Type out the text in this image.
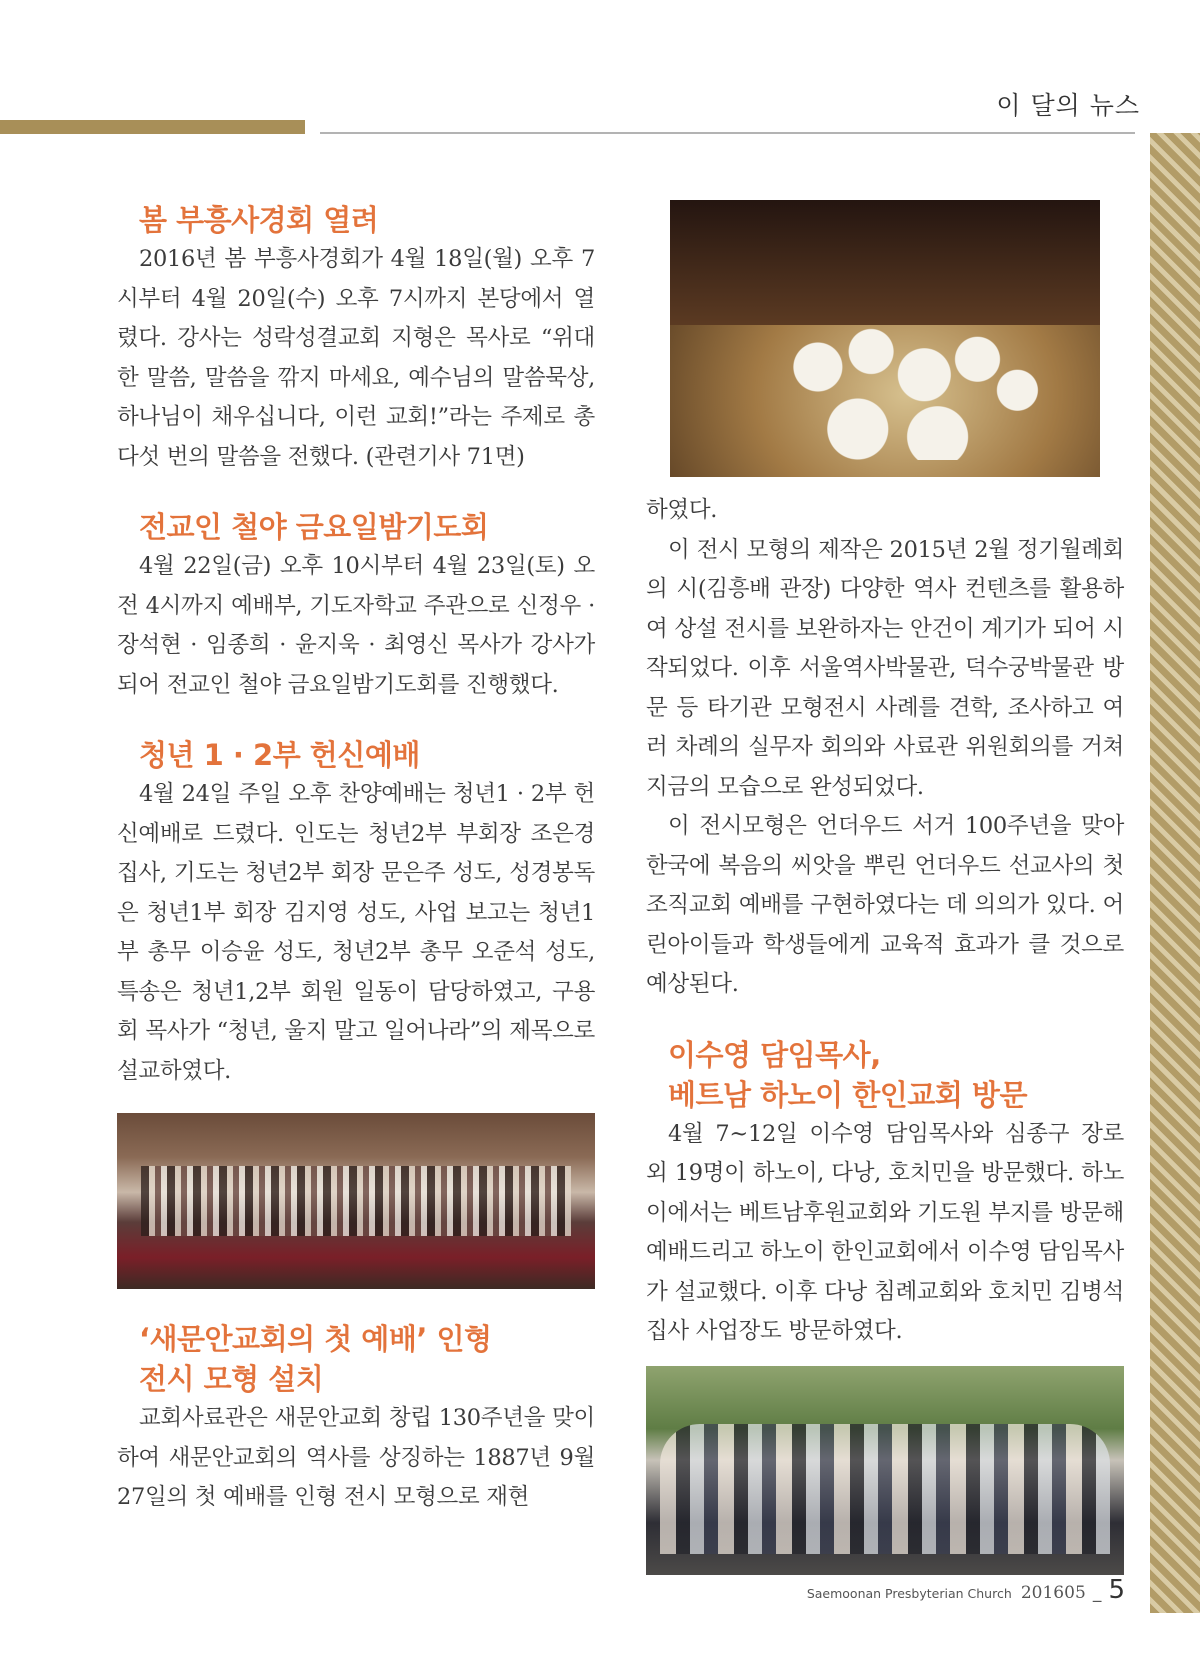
이 달의 뉴스
봄 부흥사경회 열려

2016년 봄 부흥사경회가 4월 18일(월) 오후 7시부터 4월 20일(수) 오후 7시까지 본당에서 열렸다. 강사는 성락성결교회 지형은 목사로 “위대한 말씀, 말씀을 깎지 마세요, 예수님의 말씀묵상, 하나님이 채우십니다, 이런 교회!”라는 주제로 총 다섯 번의 말씀을 전했다. (관련기사 71면)

전교인 철야 금요일밤기도회

4월 22일(금) 오후 10시부터 4월 23일(토) 오전 4시까지 예배부, 기도자학교 주관으로 신정우 · 장석현 · 임종희 · 윤지욱 · 최영신 목사가 강사가 되어 전교인 철야 금요일밤기도회를 진행했다.

청년 1 · 2부 헌신예배

4월 24일 주일 오후 찬양예배는 청년1 · 2부 헌신예배로 드렸다. 인도는 청년2부 부회장 조은경 집사, 기도는 청년2부 회장 문은주 성도, 성경봉독은 청년1부 회장 김지영 성도, 사업 보고는 청년1부 총무 이승윤 성도, 청년2부 총무 오준석 성도, 특송은 청년1,2부 회원 일동이 담당하였고, 구용회 목사가 “청년, 울지 말고 일어나라”의 제목으로 설교하였다.

‘새문안교회의 첫 예배’ 인형
전시 모형 설치

교회사료관은 새문안교회 창립 130주년을 맞이하여 새문안교회의 역사를 상징하는 1887년 9월 27일의 첫 예배를 인형 전시 모형으로 재현

하였다.

이 전시 모형의 제작은 2015년 2월 정기월례회의 시(김흥배 관장) 다양한 역사 컨텐츠를 활용하여 상설 전시를 보완하자는 안건이 계기가 되어 시작되었다. 이후 서울역사박물관, 덕수궁박물관 방문 등 타기관 모형전시 사례를 견학, 조사하고 여러 차례의 실무자 회의와 사료관 위원회의를 거쳐 지금의 모습으로 완성되었다.

이 전시모형은 언더우드 서거 100주년을 맞아 한국에 복음의 씨앗을 뿌린 언더우드 선교사의 첫 조직교회 예배를 구현하였다는 데 의의가 있다. 어린아이들과 학생들에게 교육적 효과가 클 것으로 예상된다.

이수영 담임목사,
베트남 하노이 한인교회 방문

4월 7~12일 이수영 담임목사와 심종구 장로 외 19명이 하노이, 다낭, 호치민을 방문했다. 하노이에서는 베트남후원교회와 기도원 부지를 방문해 예배드리고 하노이 한인교회에서 이수영 담임목사가 설교했다. 이후 다낭 침례교회와 호치민 김병석 집사 사업장도 방문하였다.

Saemoonan Presbyterian Church 201605 _ 5
